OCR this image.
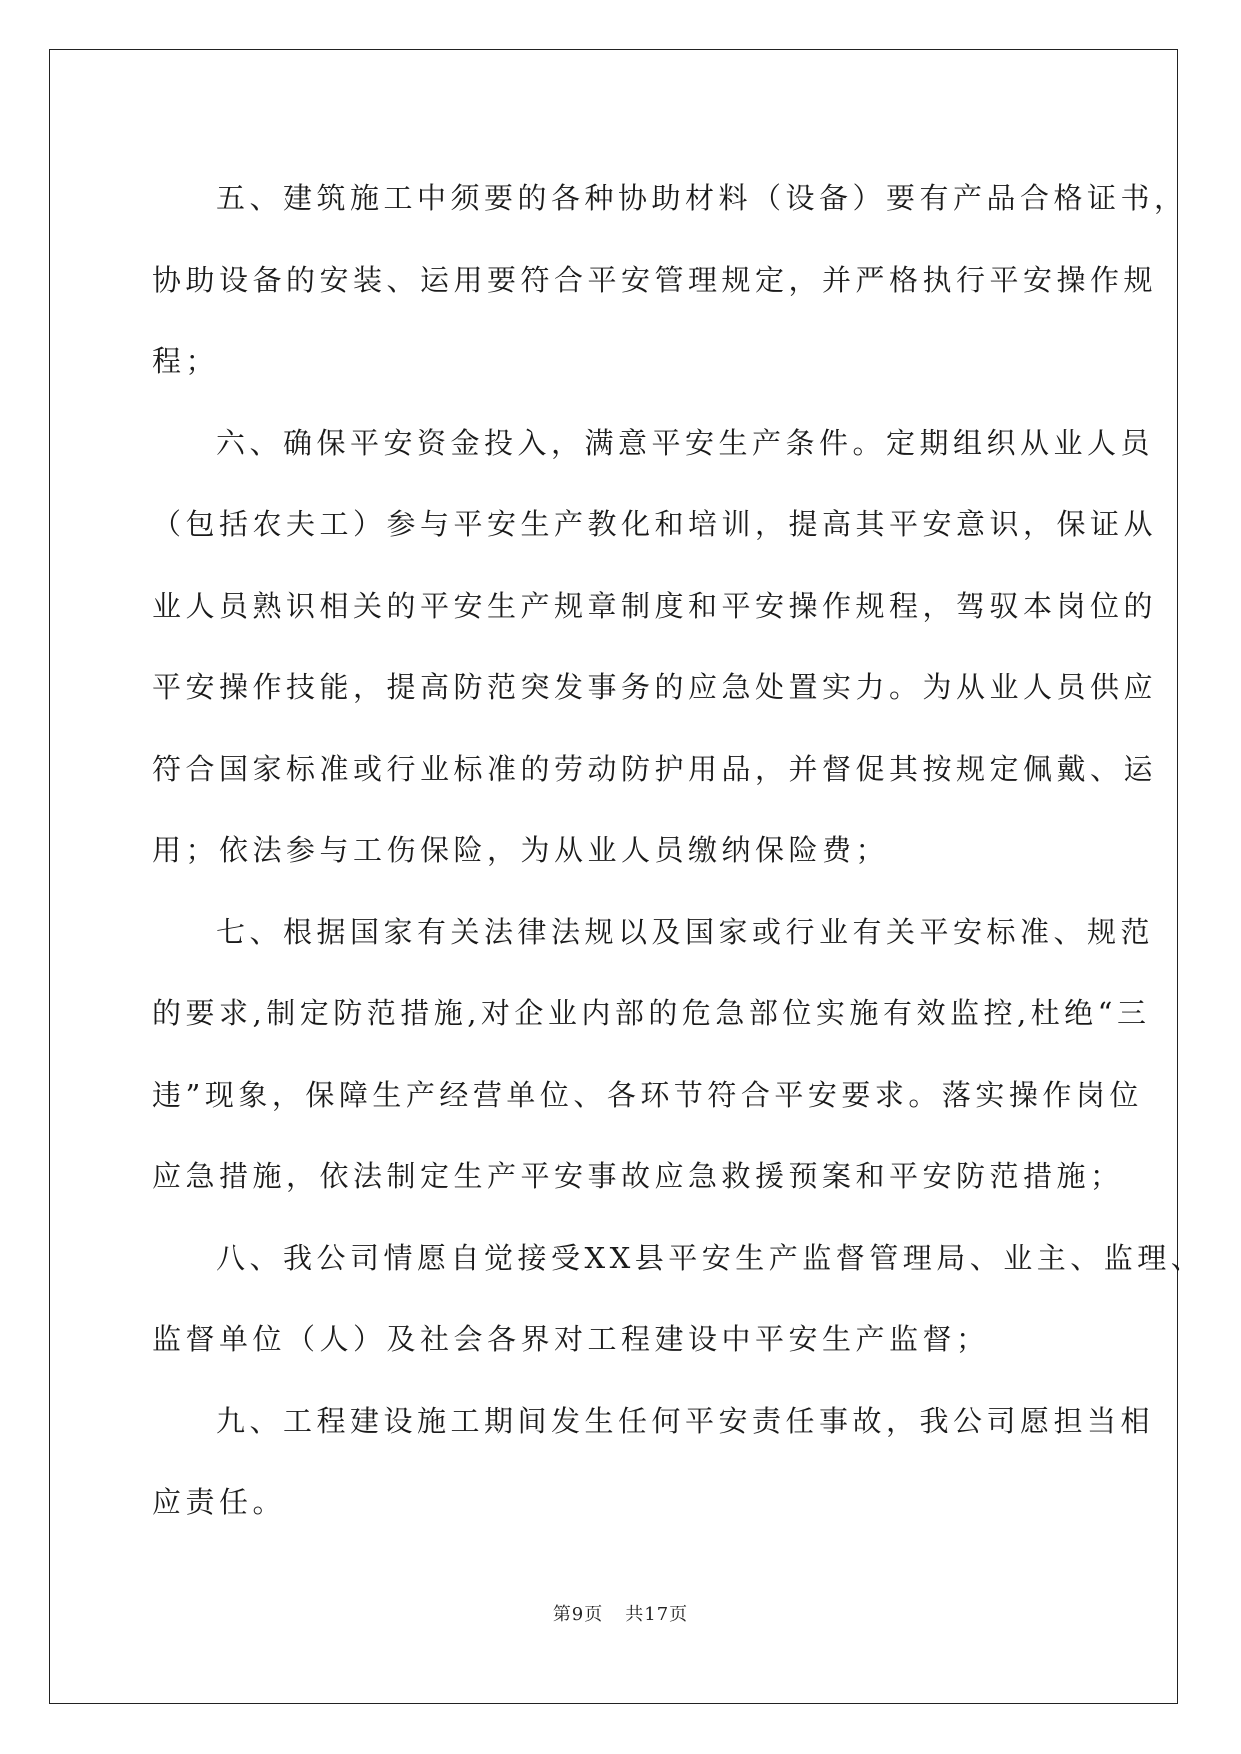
五、建筑施工中须要的各种协助材料（设备）要有产品合格证书，
协助设备的安装、运用要符合平安管理规定，并严格执行平安操作规
程；
六、确保平安资金投入，满意平安生产条件。定期组织从业人员
（包括农夫工）参与平安生产教化和培训，提高其平安意识，保证从
业人员熟识相关的平安生产规章制度和平安操作规程，驾驭本岗位的
平安操作技能，提高防范突发事务的应急处置实力。为从业人员供应
符合国家标准或行业标准的劳动防护用品，并督促其按规定佩戴、运
用；依法参与工伤保险，为从业人员缴纳保险费；
七、根据国家有关法律法规以及国家或行业有关平安标准、规范
的要求,制定防范措施,对企业内部的危急部位实施有效监控,杜绝“三
违”现象，保障生产经营单位、各环节符合平安要求。落实操作岗位
应急措施，依法制定生产平安事故应急救援预案和平安防范措施；
八、我公司情愿自觉接受XX县平安生产监督管理局、业主、监理、
监督单位（人）及社会各界对工程建设中平安生产监督；
九、工程建设施工期间发生任何平安责任事故，我公司愿担当相
应责任。
第9页 共17页
